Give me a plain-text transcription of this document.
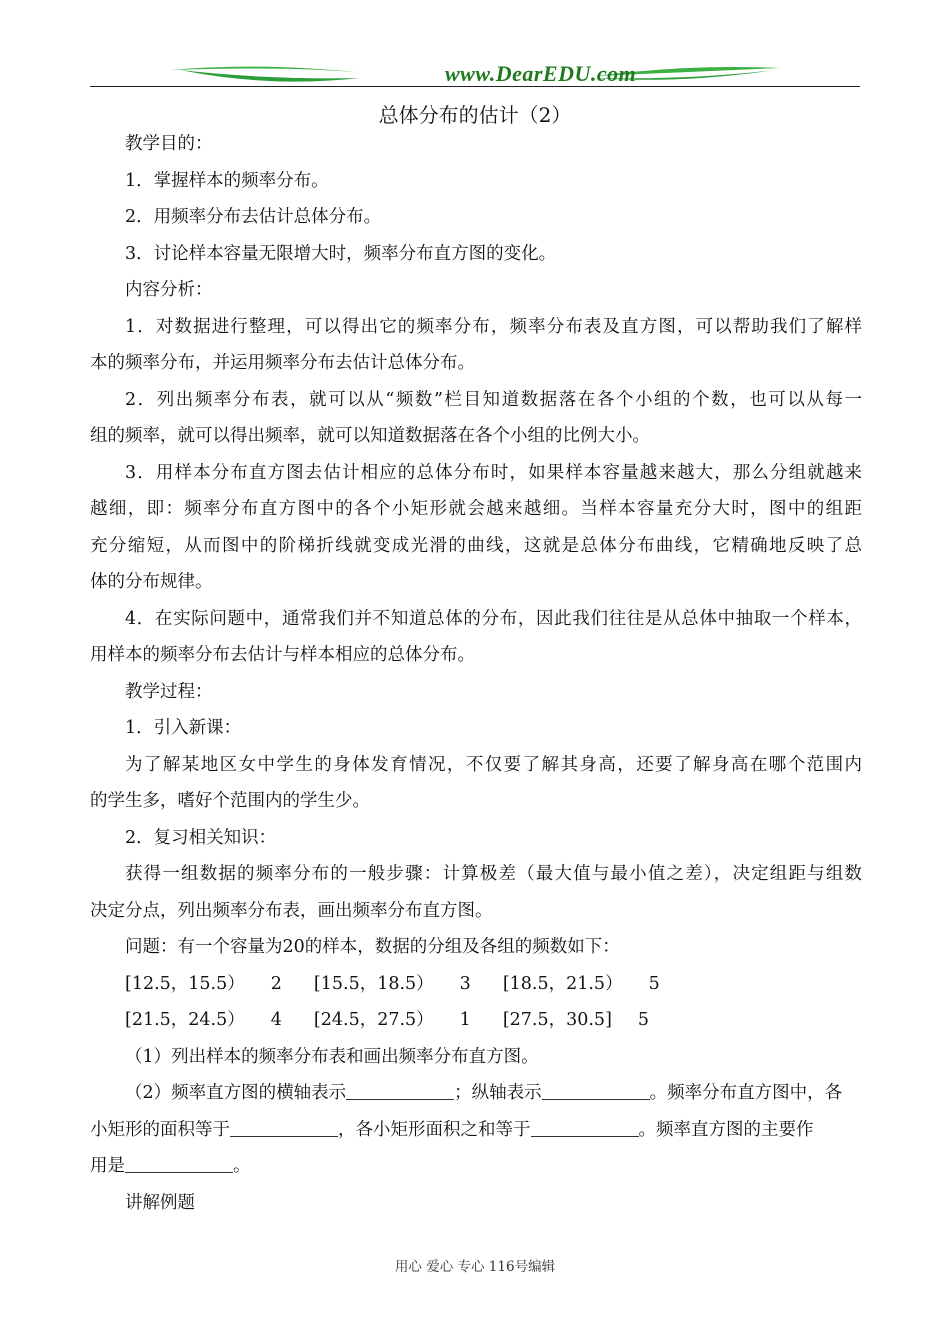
www.DearEDU.com
总体分布的估计（2）
教学目的：
1．掌握样本的频率分布。
2．用频率分布去估计总体分布。
3．讨论样本容量无限增大时，频率分布直方图的变化。
内容分析：
1．对数据进行整理，可以得出它的频率分布，频率分布表及直方图，可以帮助我们了解样
本的频率分布，并运用频率分布去估计总体分布。
2．列出频率分布表，就可以从“频数”栏目知道数据落在各个小组的个数，也可以从每一
组的频率，就可以得出频率，就可以知道数据落在各个小组的比例大小。
3．用样本分布直方图去估计相应的总体分布时，如果样本容量越来越大，那么分组就越来
越细，即：频率分布直方图中的各个小矩形就会越来越细。当样本容量充分大时，图中的组距
充分缩短，从而图中的阶梯折线就变成光滑的曲线，这就是总体分布曲线，它精确地反映了总
体的分布规律。
4．在实际问题中，通常我们并不知道总体的分布，因此我们往往是从总体中抽取一个样本，
用样本的频率分布去估计与样本相应的总体分布。
教学过程：
1．引入新课：
为了解某地区女中学生的身体发育情况，不仅要了解其身高，还要了解身高在哪个范围内
的学生多，嗜好个范围内的学生少。
2．复习相关知识：
获得一组数据的频率分布的一般步骤：计算极差（最大值与最小值之差），决定组距与组数
决定分点，列出频率分布表，画出频率分布直方图。
问题：有一个容量为20的样本，数据的分组及各组的频数如下：
[12.5，15.5） 2 [15.5，18.5） 3 [18.5，21.5） 5
[21.5，24.5） 4 [24.5，27.5） 1 [27.5，30.5] 5
（1）列出样本的频率分布表和画出频率分布直方图。
（2）频率直方图的横轴表示	；纵轴表示	。频率分布直方图中，各
小矩形的面积等于	，各小矩形面积之和等于	。频率直方图的主要作
用是	。
讲解例题
用心 爱心 专心 116号编辑
